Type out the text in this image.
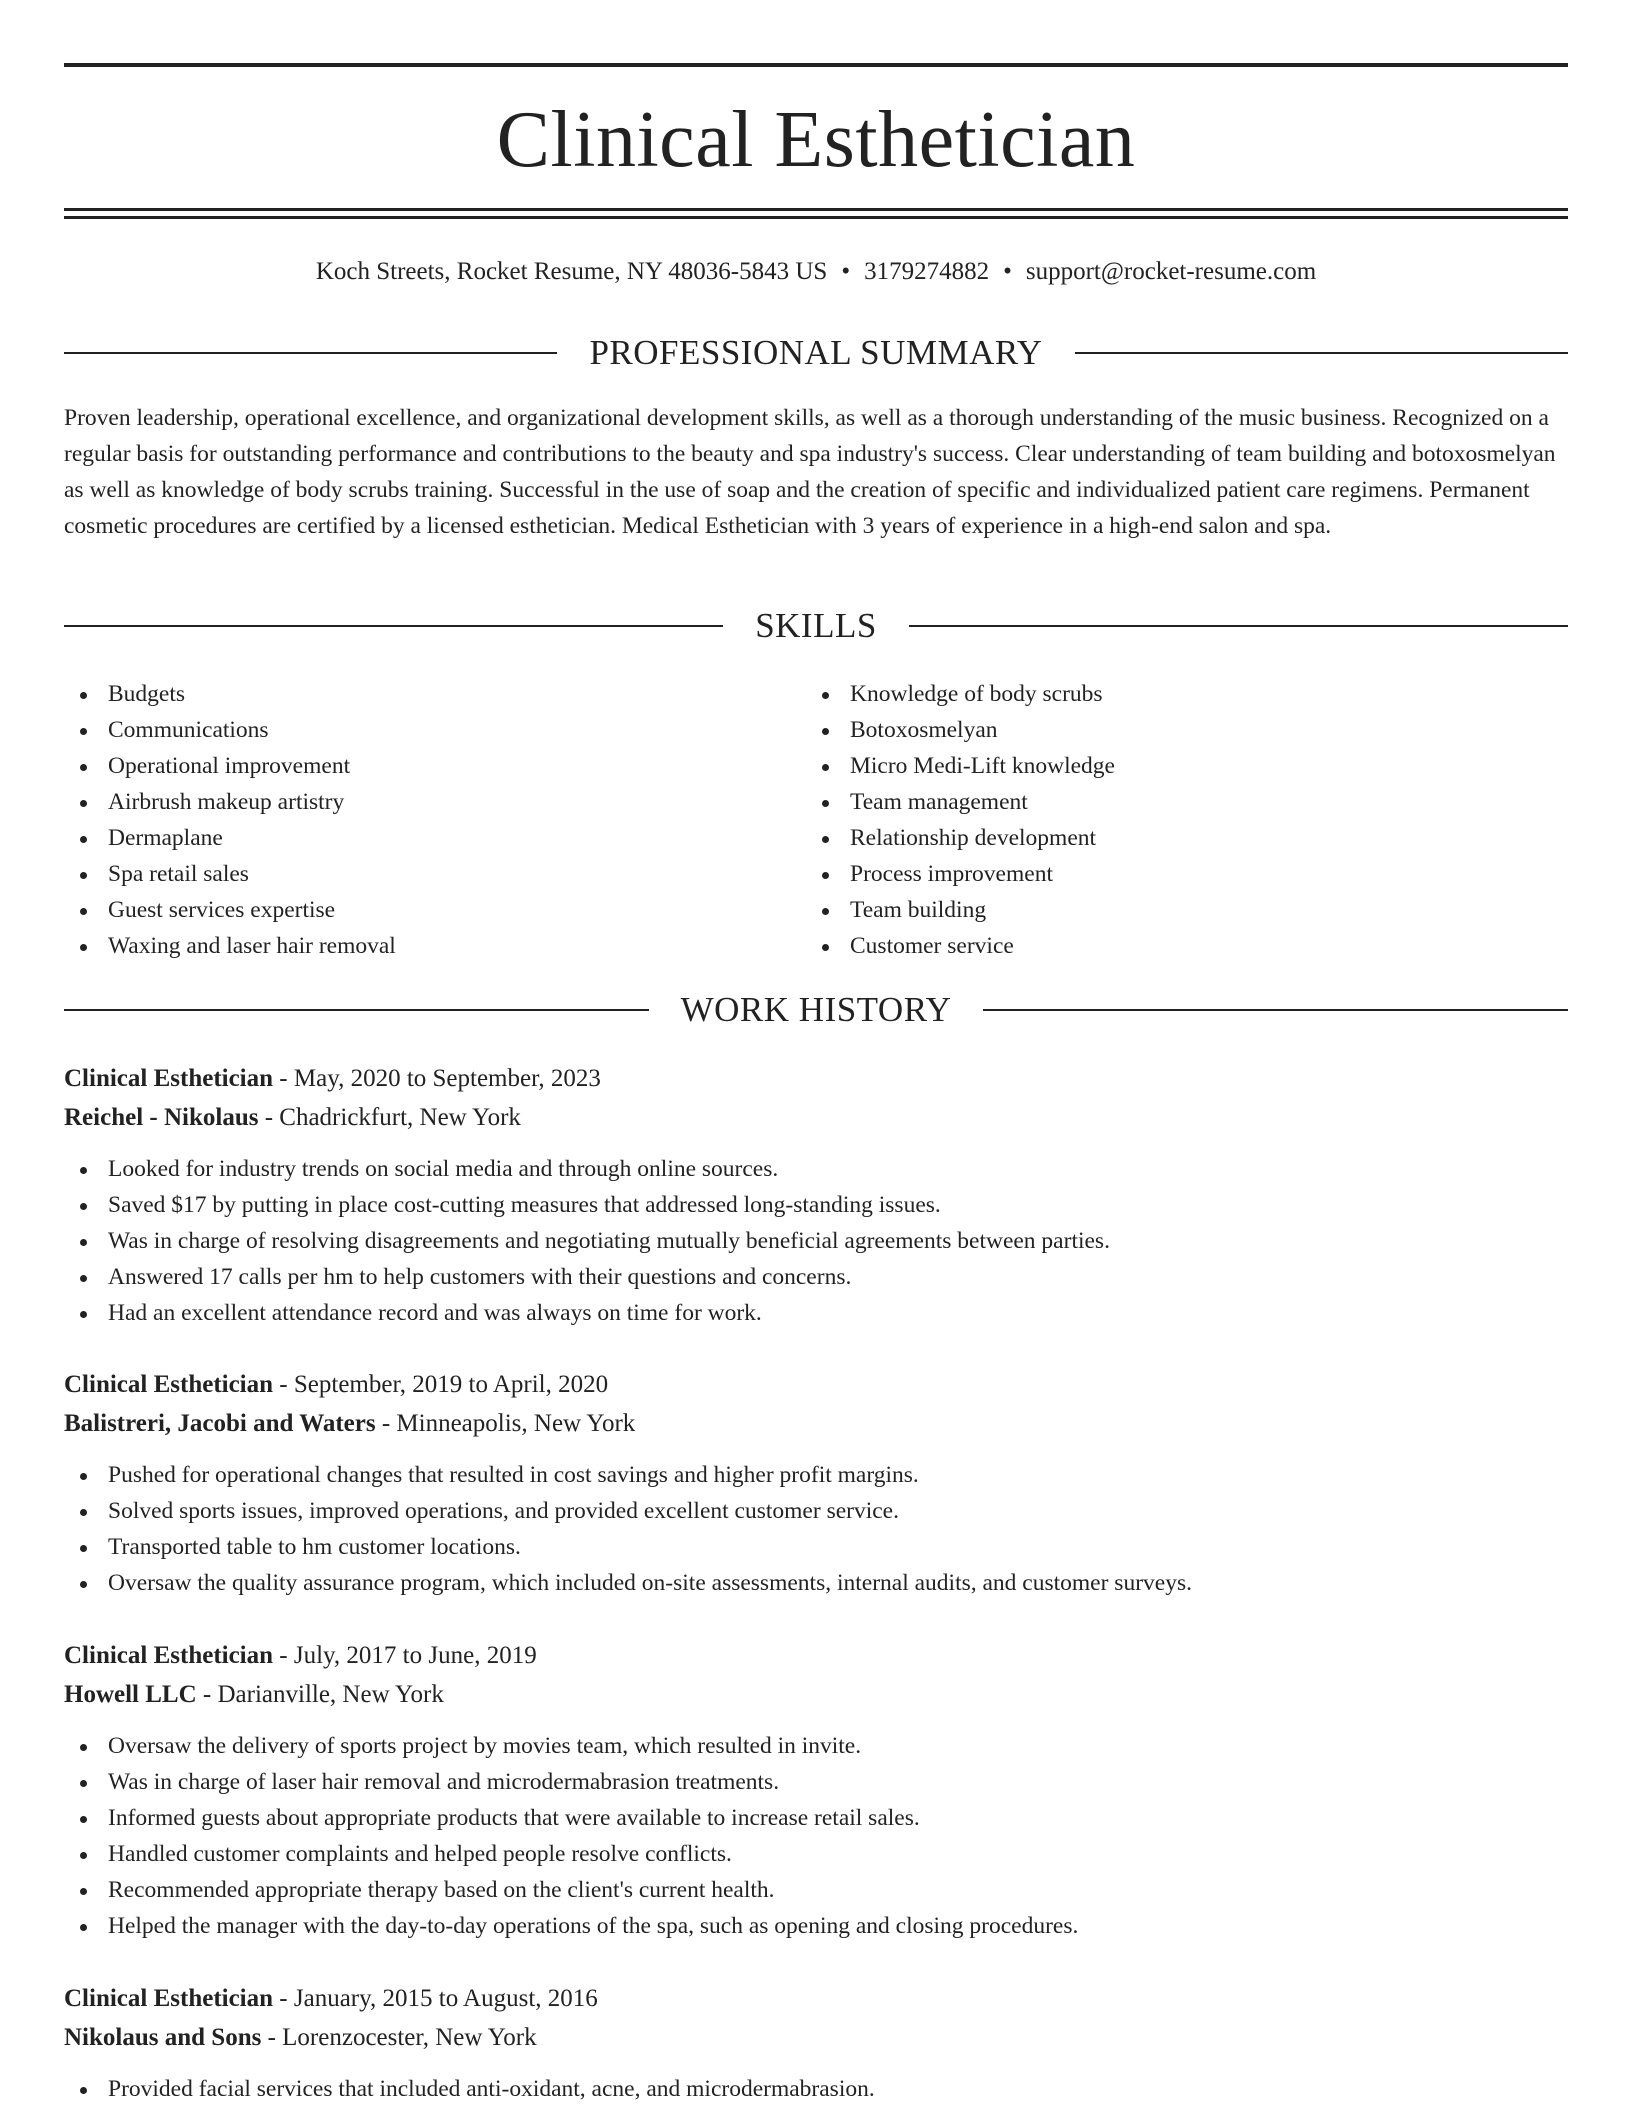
Clinical Esthetician
Koch Streets, Rocket Resume, NY 48036-5843 US • 3179274882 • support@rocket-resume.com
PROFESSIONAL SUMMARY

Proven leadership, operational excellence, and organizational development skills, as well as a thorough understanding of the music business. Recognized on a regular basis for outstanding performance and contributions to the beauty and spa industry's success. Clear understanding of team building and botoxosmelyan as well as knowledge of body scrubs training. Successful in the use of soap and the creation of specific and individualized patient care regimens. Permanent cosmetic procedures are certified by a licensed esthetician. Medical Esthetician with 3 years of experience in a high-end salon and spa.

SKILLS
Budgets
Communications
Operational improvement
Airbrush makeup artistry
Dermaplane
Spa retail sales
Guest services expertise
Waxing and laser hair removal
Knowledge of body scrubs
Botoxosmelyan
Micro Medi-Lift knowledge
Team management
Relationship development
Process improvement
Team building
Customer service
WORK HISTORY
Clinical Esthetician - May, 2020 to September, 2023
Reichel - Nikolaus - Chadrickfurt, New York
Looked for industry trends on social media and through online sources.
Saved $17 by putting in place cost-cutting measures that addressed long-standing issues.
Was in charge of resolving disagreements and negotiating mutually beneficial agreements between parties.
Answered 17 calls per hm to help customers with their questions and concerns.
Had an excellent attendance record and was always on time for work.
Clinical Esthetician - September, 2019 to April, 2020
Balistreri, Jacobi and Waters - Minneapolis, New York
Pushed for operational changes that resulted in cost savings and higher profit margins.
Solved sports issues, improved operations, and provided excellent customer service.
Transported table to hm customer locations.
Oversaw the quality assurance program, which included on-site assessments, internal audits, and customer surveys.
Clinical Esthetician - July, 2017 to June, 2019
Howell LLC - Darianville, New York
Oversaw the delivery of sports project by movies team, which resulted in invite.
Was in charge of laser hair removal and microdermabrasion treatments.
Informed guests about appropriate products that were available to increase retail sales.
Handled customer complaints and helped people resolve conflicts.
Recommended appropriate therapy based on the client's current health.
Helped the manager with the day-to-day operations of the spa, such as opening and closing procedures.
Clinical Esthetician - January, 2015 to August, 2016
Nikolaus and Sons - Lorenzocester, New York
Provided facial services that included anti-oxidant, acne, and microdermabrasion.
